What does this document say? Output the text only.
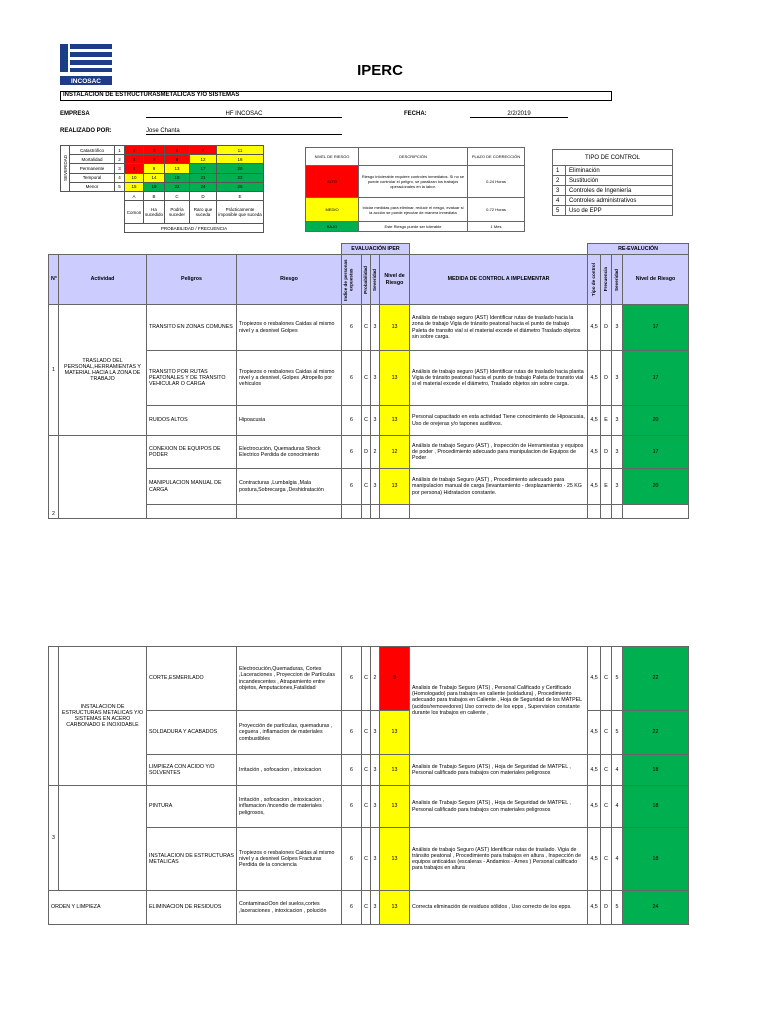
INCOSAC
IPERC
INSTALACION DE ESTRUCTURASMETALICAS Y/O SISTEMAS
EMPRESA	HF INCOSAC	FECHA:	2/2/2019
REALIZADO POR:	Jose Chanta
SEVERIDAD	Catastrófico	1	1	2	4	7	11
	Mortalidad	2	3	5	8	12	16
	Permanente	3	6	9	13	17	20
	Temporal	4	10	14	18	21	23
	Menor	5	15	19	22	24	25
			A	B	C	D	E
			Comon	Ha sucedido	Podría suceder	Raro que suceda	Prácticamente imposible que suceda
			PROBABILIDAD / FRECUENCIA				
NIVEL DE RIESGO	DESCRIPCIÓN	PLAZO DE CORRECCIÓN
ALTO	Riesgo intolerable requiere controles inmediatos. Si no se puede controlar el peligro, se paralizan los trabajos operacionales en la labor.	0-24 Horas
MEDIO	Iniciar medidas para eliminar, reducir el riesgo, evaluar si la acción se puede ejecutar de manera inmediata	0-72 Horas
BAJO	Este Riesgo puede ser tolerable	1 Mes
TIPO DE CONTROL	
1	Eliminación
2	Sustitución
3	Controles de Ingeniería
4	Controles administrativos
5	Uso de EPP
				EVALUACIÓN IPER					RE-EVALUCIÓN			
N°	Actividad	Peligros	Riesgo	Indice de personas expuestas	Probabilidad	Severidad	Nivel de Riesgo	MEDIDA DE CONTROL A IMPLEMENTAR	Tipo de control	Frecuencia	Severidad	Nivel de Riesgo
1	TRASLADO DEL PERSONAL,HERRAMIENTAS Y MATERIAL HACIA LA ZONA DE TRABAJO	TRANSITO EN ZONAS COMUNES	Tropiezos o resbalones Caidas al mismo nivel y a desnivel Golpes	6	C	3	13	Análisis de trabajo seguro (AST) Identificar rutas de traslado hacia la zona de trabajo Vigia de tránsito peatonal hacia el punto de trabajo Paleta de transito vial si el material excede el diámetro Traslado objetos sin sobre carga.	4,5	D	3	17
		TRANSITO POR RUTAS PEATONALES Y DE TRANSITO VEHICULAR O CARGA	Tropiezos o resbalones Caidas al mismo nivel y a desnivel, Golpes ,Atropello por vehiculos	6	C	3	13	Análisis de trabajo seguro (AST) Identificar rutas de traslado hacia planta Vigia de tránsito peatonal hacia el punto de trabajo Paleta de transito vial si el material excede el diámetro, Traslado objetos sin sobre carga.	4,5	D	3	17
		RUIDOS ALTOS	Hipoacusia	6	C	3	13	Personal capacitado en esta actividad Tiene conocimiento de Hipoacusia, Uso de orejeras y/o tapones auditivos.	4,5	E	3	20
2		CONEXION DE EQUIPOS DE PODER	Electrocución, Quemaduras Shock Electrico Perdida de conocimiento	6	D	2	12	Análisis de trabajo Seguro (AST) , Inspección de Herramiestas y equipos de poder , Procedimiento adecuado para manipulacion de Equipos de Poder	4,5	D	3	17
		MANIPULACION MANUAL DE CARGA	Contracturas ,Lumbalgia ,Mala postura,Sobrecarga ,Deshidratación	6	C	3	13	Análisis de trabajo Seguro (AST) , Procedimiento adecuado para manipulacion manual de carga (levantamiento - desplazamiento - 25 KG por persona) Hidratacion constante.	4,5	E	3	20

	INSTALACION DE ESTRUCTURAS METALICAS Y/O SISTEMAS EN ACERO CARBONADO E INOXIDABLE	CORTE,ESMERILADO	Electrocución,Quemaduras, Cortes ,Laceraciones , Proyeccion de Partículas incandescentes , Atrapamiento entre objetos, Amputaciones,Fatalidad	6	C	2	8	Analisis de Trabajo Seguro (ATS) , Personal Calificado y Certificado (Homologado) para trabajos en caliente (soldadura) , Procedimiento adecuado para trabajos en Caliente , Hoja de Seguridad de los MATPEL (acidos/removedores) Uso correcto de los epps , Supervision constante durante los trabajos en caliente ,	4,5	C	5	22
		SOLDADURA Y ACABADOS	Proyección de partículas, quemaduras , ceguera , inflamacion de materiales combustibles	6	C	3	13		4,5	C	5	22
		LIMPIEZA CON ACIDO Y/O SOLVENTES	Irritación , sofocacion , intoxicacion	6	C	3	13	Analisis de Trabajo Seguro (ATS) , Hoja de Seguridad de MATPEL , Personal calificado para trabajos con materiales peligrosos	4,5	C	4	18
3		PINTURA	Irritación , sofocacion , intoxicacion , inflamacion /incendio de materiales peligrosos,	6	C	3	13	Analisis de Trabajo Seguro (ATS) , Hoja de Seguridad de MATPEL , Personal calificado para trabajos con materiales peligrosos	4,5	C	4	18
		INSTALACION DE ESTRUCTURAS METALICAS	Tropiezos o resbalones Caidas al mismo nivel y a desnivel Golpes Fracturas Perdida de la conciencia	6	C	3	13	Análisis de trabajo Seguro (AST) Identificar rutas de traslado. Vigia de tránsito peatonal , Procedimiento para trabajos en altura , Inspección de equipos anticaidas (escaleras - Andamios - Arnes ) Personal calificado para trabajos en altura	4,5	C	4	18
ORDEN Y LIMPIEZA		ELIMINACION DE RESIDUOS	ContaminaciOon del suelos,cortes ,laceraciones , intoxicacion , polución	6	C	3	13	Correcta eliminación de residuos sólidos , Uso correcto de los epps.	4,5	D	5	24
